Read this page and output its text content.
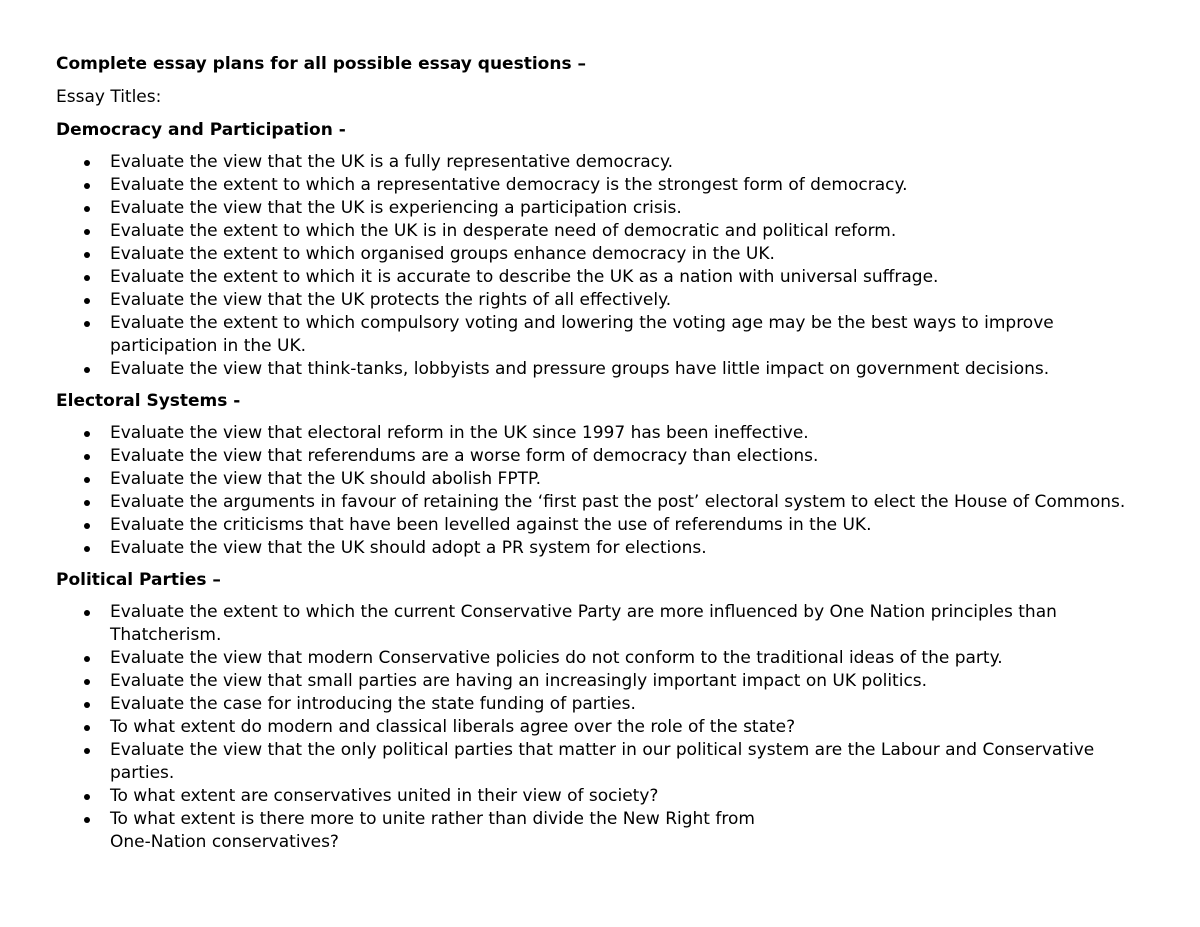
Complete essay plans for all possible essay questions –
Essay Titles:
Democracy and Participation -
Evaluate the view that the UK is a fully representative democracy.
Evaluate the extent to which a representative democracy is the strongest form of democracy.
Evaluate the view that the UK is experiencing a participation crisis.
Evaluate the extent to which the UK is in desperate need of democratic and political reform.
Evaluate the extent to which organised groups enhance democracy in the UK.
Evaluate the extent to which it is accurate to describe the UK as a nation with universal suffrage.
Evaluate the view that the UK protects the rights of all effectively.
Evaluate the extent to which compulsory voting and lowering the voting age may be the best ways to improve participation in the UK.
Evaluate the view that think-tanks, lobbyists and pressure groups have little impact on government decisions.
Electoral Systems -
Evaluate the view that electoral reform in the UK since 1997 has been ineffective.
Evaluate the view that referendums are a worse form of democracy than elections.
Evaluate the view that the UK should abolish FPTP.
Evaluate the arguments in favour of retaining the ‘first past the post’ electoral system to elect the House of Commons.
Evaluate the criticisms that have been levelled against the use of referendums in the UK.
Evaluate the view that the UK should adopt a PR system for elections.
Political Parties –
Evaluate the extent to which the current Conservative Party are more influenced by One Nation principles than Thatcherism.
Evaluate the view that modern Conservative policies do not conform to the traditional ideas of the party.
Evaluate the view that small parties are having an increasingly important impact on UK politics.
Evaluate the case for introducing the state funding of parties.
To what extent do modern and classical liberals agree over the role of the state?
Evaluate the view that the only political parties that matter in our political system are the Labour and Conservative parties.
To what extent are conservatives united in their view of society?
To what extent is there more to unite rather than divide the New Right from
One-Nation conservatives?
